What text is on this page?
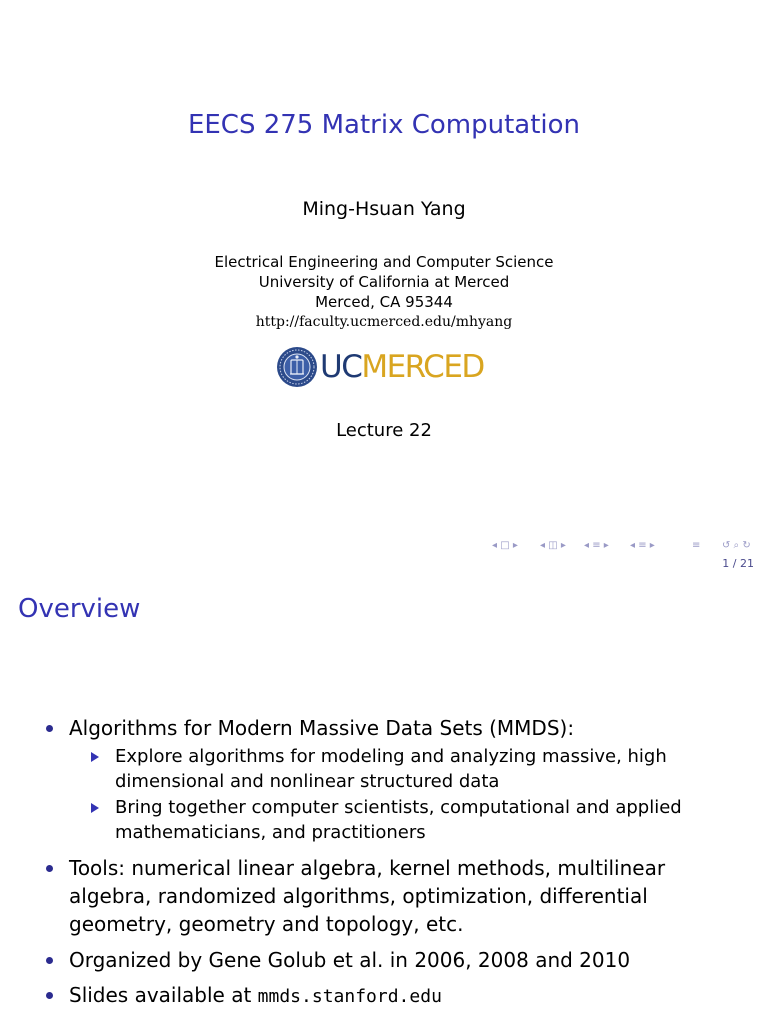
EECS 275 Matrix Computation
Ming-Hsuan Yang
Electrical Engineering and Computer Science
University of California at Merced
Merced, CA 95344
http://faculty.ucmerced.edu/mhyang
UCMERCED
Lecture 22
◂ □ ▸ ◂ ◫ ▸ ◂ ≡ ▸ ◂ ≡ ▸	≡ ↺ ⌕ ↻
1 / 21
Overview
Algorithms for Modern Massive Data Sets (MMDS):
Explore algorithms for modeling and analyzing massive, high dimensional and nonlinear structured data
Bring together computer scientists, computational and applied mathematicians, and practitioners
Tools: numerical linear algebra, kernel methods, multilinear algebra, randomized algorithms, optimization, differential geometry, geometry and topology, etc.
Organized by Gene Golub et al. in 2006, 2008 and 2010
Slides available at mmds.stanford.edu
